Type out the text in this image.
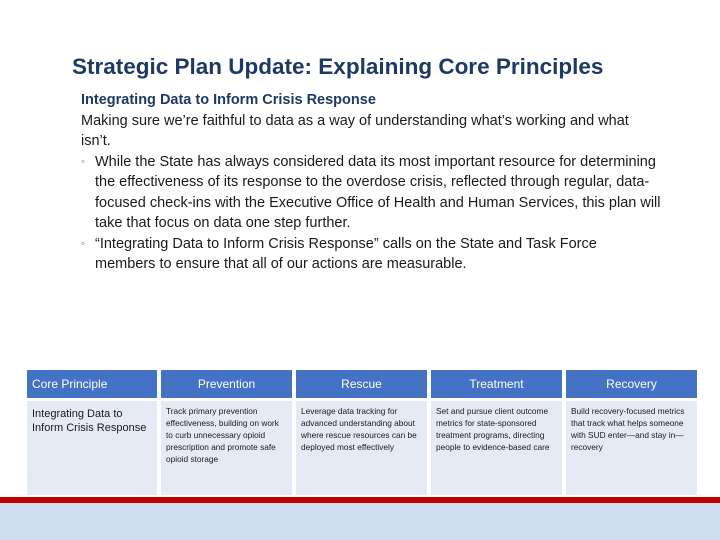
Strategic Plan Update: Explaining Core Principles
Integrating Data to Inform Crisis Response
Making sure we’re faithful to data as a way of understanding what’s working and what isn’t.
◦ While the State has always considered data its most important resource for determining the effectiveness of its response to the overdose crisis, reflected through regular, data-focused check-ins with the Executive Office of Health and Human Services, this plan will take that focus on data one step further.
◦ “Integrating Data to Inform Crisis Response” calls on the State and Task Force members to ensure that all of our actions are measurable.
Core Principle	Prevention	Rescue	Treatment	Recovery
Integrating Data to Inform Crisis Response	Track primary prevention effectiveness, building on work to curb unnecessary opioid prescription and promote safe opioid storage	Leverage data tracking for advanced understanding about where rescue resources can be deployed most effectively	Set and pursue client outcome metrics for state-sponsored treatment programs, directing people to evidence-based care	Build recovery-focused metrics that track what helps someone with SUD enter—and stay in—recovery
